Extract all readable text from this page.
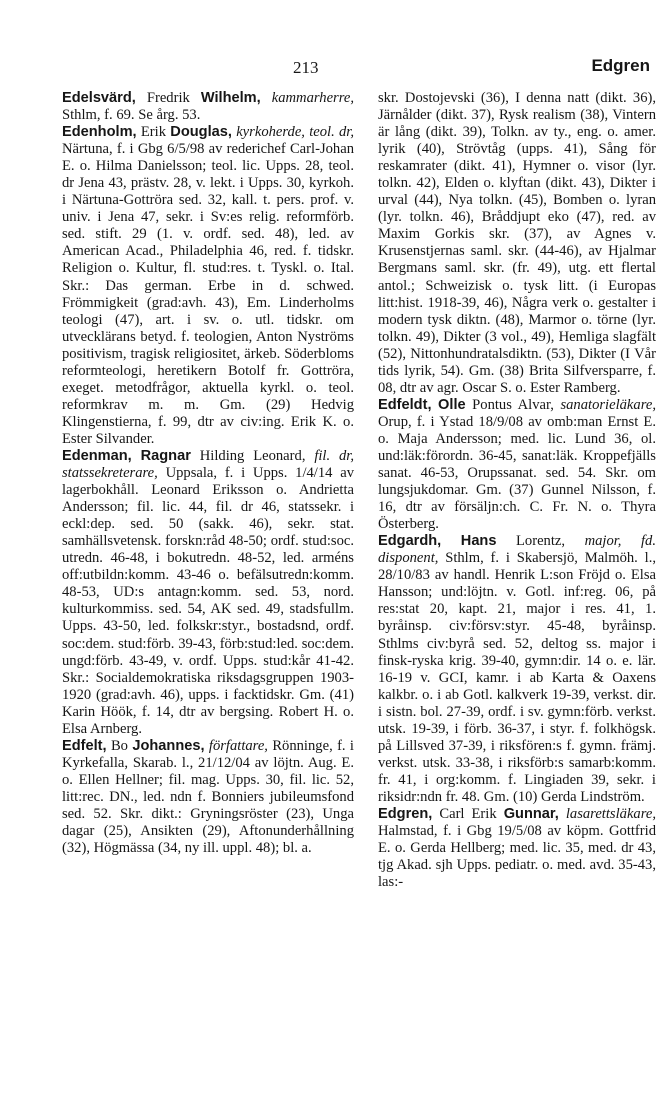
213	Edgren

Edelsvärd, Fredrik Wilhelm, kammarherre, Sthlm, f. 69. Se årg. 53.

Edenholm, Erik Douglas, kyrkoherde, teol. dr, Närtuna, f. i Gbg 6/5/98 av rederichef Carl-Johan E. o. Hilma Danielsson; teol. lic. Upps. 28, teol. dr Jena 43, prästv. 28, v. lekt. i Upps. 30, kyrkoh. i Närtuna-Gottröra sed. 32, kall. t. pers. prof. v. univ. i Jena 47, sekr. i Sv:es relig. reformförb. sed. stift. 29 (1. v. ordf. sed. 48), led. av American Acad., Philadelphia 46, red. f. tidskr. Religion o. Kultur, fl. stud:res. t. Tyskl. o. Ital. Skr.: Das german. Erbe in d. schwed. Frömmigkeit (grad:avh. 43), Em. Linderholms teologi (47), art. i sv. o. utl. tidskr. om utvecklärans betyd. f. teologien, Anton Nyströms positivism, tragisk religiositet, ärkeb. Söderbloms reformteologi, heretikern Botolf fr. Gottröra, exeget. metodfrågor, aktuella kyrkl. o. teol. reformkrav m. m. Gm. (29) Hedvig Klingenstierna, f. 99, dtr av civ:ing. Erik K. o. Ester Silvander.

Edenman, Ragnar Hilding Leonard, fil. dr, statssekreterare, Uppsala, f. i Upps. 1/4/14 av lagerbokhåll. Leonard Eriksson o. Andrietta Andersson; fil. lic. 44, fil. dr 46, statssekr. i eckl:dep. sed. 50 (sakk. 46), sekr. stat. samhällsvetensk. forskn:råd 48-50; ordf. stud:soc. utredn. 46-48, i bokutredn. 48-52, led. arméns off:utbildn:komm. 43-46 o. befälsutredn:komm. 48-53, UD:s antagn:komm. sed. 53, nord. kulturkommiss. sed. 54, AK sed. 49, stadsfullm. Upps. 43-50, led. folkskr:styr., bostadsnd, ordf. soc:dem. stud:förb. 39-43, förb:stud:led. soc:dem. ungd:förb. 43-49, v. ordf. Upps. stud:kår 41-42. Skr.: Socialdemokratiska riksdagsgruppen 1903-1920 (grad:avh. 46), upps. i facktidskr. Gm. (41) Karin Höök, f. 14, dtr av bergsing. Robert H. o. Elsa Arnberg.

Edfelt, Bo Johannes, författare, Rönninge, f. i Kyrkefalla, Skarab. l., 21/12/04 av löjtn. Aug. E. o. Ellen Hellner; fil. mag. Upps. 30, fil. lic. 52, litt:rec. DN., led. ndn f. Bonniers jubileumsfond sed. 52. Skr. dikt.: Gryningsröster (23), Unga dagar (25), Ansikten (29), Aftonunderhållning (32), Högmässa (34, ny ill. uppl. 48); bl. a.

skr. Dostojevski (36), I denna natt (dikt. 36), Järnålder (dikt. 37), Rysk realism (38), Vintern är lång (dikt. 39), Tolkn. av ty., eng. o. amer. lyrik (40), Strövtåg (upps. 41), Sång för reskamrater (dikt. 41), Hymner o. visor (lyr. tolkn. 42), Elden o. klyftan (dikt. 43), Dikter i urval (44), Nya tolkn. (45), Bomben o. lyran (lyr. tolkn. 46), Bråddjupt eko (47), red. av Maxim Gorkis skr. (37), av Agnes v. Krusenstjernas saml. skr. (44-46), av Hjalmar Bergmans saml. skr. (fr. 49), utg. ett flertal antol.; Schweizisk o. tysk litt. (i Europas litt:hist. 1918-39, 46), Några verk o. gestalter i modern tysk diktn. (48), Marmor o. törne (lyr. tolkn. 49), Dikter (3 vol., 49), Hemliga slagfält (52), Nittonhundratalsdiktn. (53), Dikter (I Vår tids lyrik, 54). Gm. (38) Brita Silfversparre, f. 08, dtr av agr. Oscar S. o. Ester Ramberg.

Edfeldt, Olle Pontus Alvar, sanatorieläkare, Orup, f. i Ystad 18/9/08 av omb:man Ernst E. o. Maja Andersson; med. lic. Lund 36, ol. und:läk:förordn. 36-45, sanat:läk. Kroppefjälls sanat. 46-53, Orupssanat. sed. 54. Skr. om lungsjukdomar. Gm. (37) Gunnel Nilsson, f. 16, dtr av försäljn:ch. C. Fr. N. o. Thyra Österberg.

Edgardh, Hans Lorentz, major, fd. disponent, Sthlm, f. i Skabersjö, Malmöh. l., 28/10/83 av handl. Henrik L:son Fröjd o. Elsa Hansson; und:löjtn. v. Gotl. inf:reg. 06, på res:stat 20, kapt. 21, major i res. 41, 1. byråinsp. civ:försv:styr. 45-48, byråinsp. Sthlms civ:byrå sed. 52, deltog ss. major i finsk-ryska krig. 39-40, gymn:dir. 14 o. e. lär. 16-19 v. GCI, kamr. i ab Karta & Oaxens kalkbr. o. i ab Gotl. kalkverk 19-39, verkst. dir. i sistn. bol. 27-39, ordf. i sv. gymn:förb. verkst. utsk. 19-39, i förb. 36-37, i styr. f. folkhögsk. på Lillsved 37-39, i riksfören:s f. gymn. främj. verkst. utsk. 33-38, i riksförb:s samarb:komm. fr. 41, i org:komm. f. Lingiaden 39, sekr. i riksidr:ndn fr. 48. Gm. (10) Gerda Lindström.

Edgren, Carl Erik Gunnar, lasarettsläkare, Halmstad, f. i Gbg 19/5/08 av köpm. Gottfrid E. o. Gerda Hellberg; med. lic. 35, med. dr 43, tjg Akad. sjh Upps. pediatr. o. med. avd. 35-43, las:-
